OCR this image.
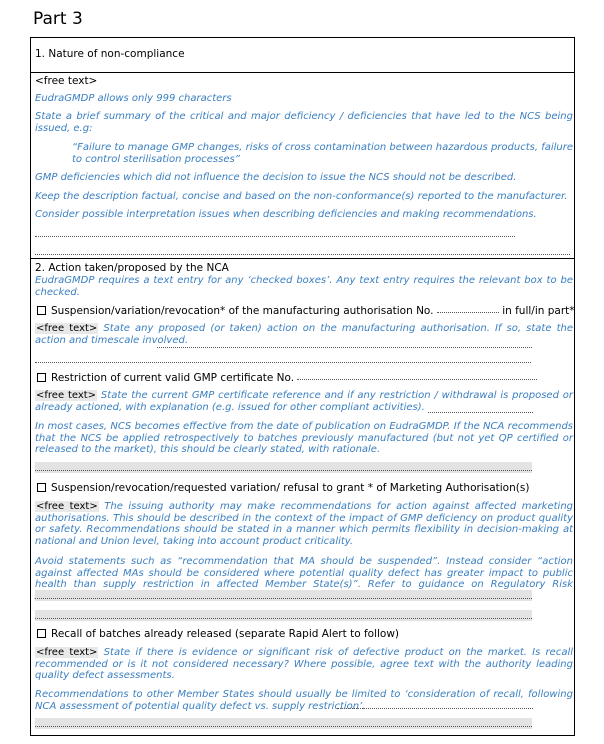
Part 3
1. Nature of non-compliance
<free text>
EudraGMDP allows only 999 characters
State a brief summary of the critical and major deficiency / deficiencies that have led to the NCS being issued, e.g:
“Failure to manage GMP changes, risks of cross contamination between hazardous products, failure to control sterilisation processes”
GMP deficiencies which did not influence the decision to issue the NCS should not be described.
Keep the description factual, concise and based on the non-conformance(s) reported to the manufacturer.
Consider possible interpretation issues when describing deficiencies and making recommendations.
2. Action taken/proposed by the NCA
EudraGMDP requires a text entry for any ‘checked boxes’. Any text entry requires the relevant box to be checked.
Suspension/variation/revocation* of the manufacturing authorisation No.	in full/in part*
<free text> State any proposed (or taken) action on the manufacturing authorisation. If so, state the action and timescale involved.
Restriction of current valid GMP certificate No.
<free text> State the current GMP certificate reference and if any restriction / withdrawal is proposed or already actioned, with explanation (e.g. issued for other compliant activities).
In most cases, NCS becomes effective from the date of publication on EudraGMDP. If the NCA recommends that the NCS be applied retrospectively to batches previously manufactured (but not yet QP certified or released to the market), this should be clearly stated, with rationale.
Suspension/revocation/requested variation/ refusal to grant * of Marketing Authorisation(s)
<free text> The issuing authority may make recommendations for action against affected marketing authorisations. This should be described in the context of the impact of GMP deficiency on product quality or safety. Recommendations should be stated in a manner which permits flexibility in decision-making at national and Union level, taking into account product criticality.
Avoid statements such as “recommendation that MA should be suspended”. Instead consider “action against affected MAs should be considered where potential quality defect has greater impact to public health than supply restriction in affected Member State(s)”. Refer to guidance on Regulatory Risk
Recall of batches already released (separate Rapid Alert to follow)
<free text> State if there is evidence or significant risk of defective product on the market. Is recall recommended or is it not considered necessary? Where possible, agree text with the authority leading quality defect assessments.
Recommendations to other Member States should usually be limited to ‘consideration of recall, following NCA assessment of potential quality defect vs. supply restriction’.
